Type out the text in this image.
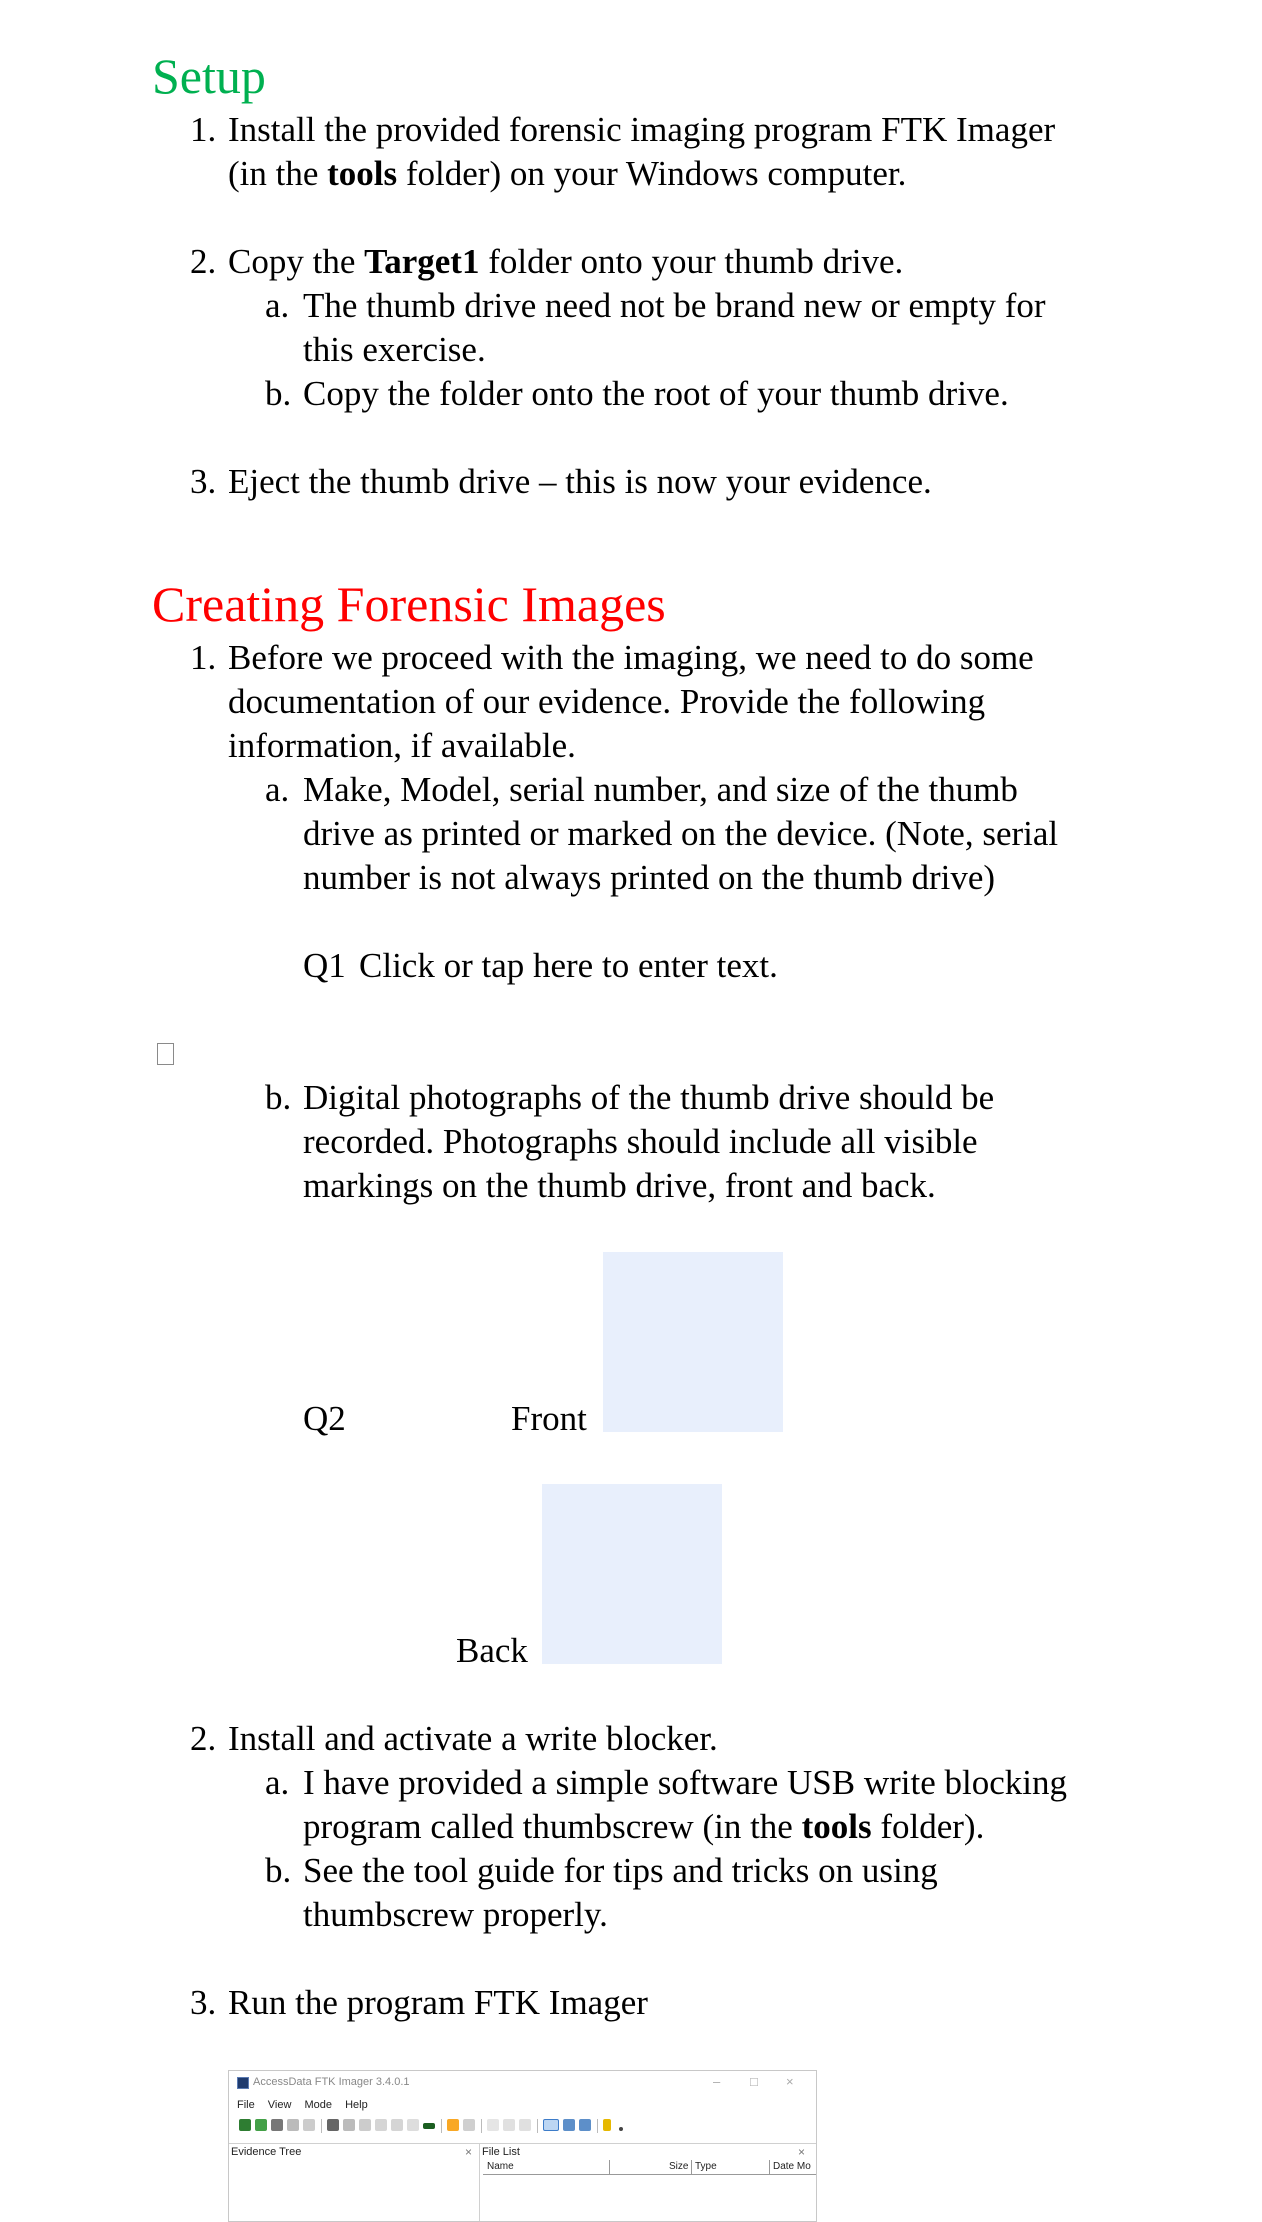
Setup
1. Install the provided forensic imaging program FTK Imager
(in the tools folder) on your Windows computer.
2. Copy the Target1 folder onto your thumb drive.
a. The thumb drive need not be brand new or empty for
this exercise.
b. Copy the folder onto the root of your thumb drive.
3. Eject the thumb drive – this is now your evidence.
Creating Forensic Images
1. Before we proceed with the imaging, we need to do some
documentation of our evidence. Provide the following
information, if available.
a. Make, Model, serial number, and size of the thumb
drive as printed or marked on the device. (Note, serial
number is not always printed on the thumb drive)
Q1 Click or tap here to enter text.
b. Digital photographs of the thumb drive should be
recorded. Photographs should include all visible
markings on the thumb drive, front and back.
Q2	Front
Back
2. Install and activate a write blocker.
a. I have provided a simple software USB write blocking
program called thumbscrew (in the tools folder).
b. See the tool guide for tips and tricks on using
thumbscrew properly.
3. Run the program FTK Imager
AccessData FTK Imager 3.4.0.1	– □ ×
File View Mode Help
Evidence Tree	× File List	×
Name	Size Type	Date Mo
